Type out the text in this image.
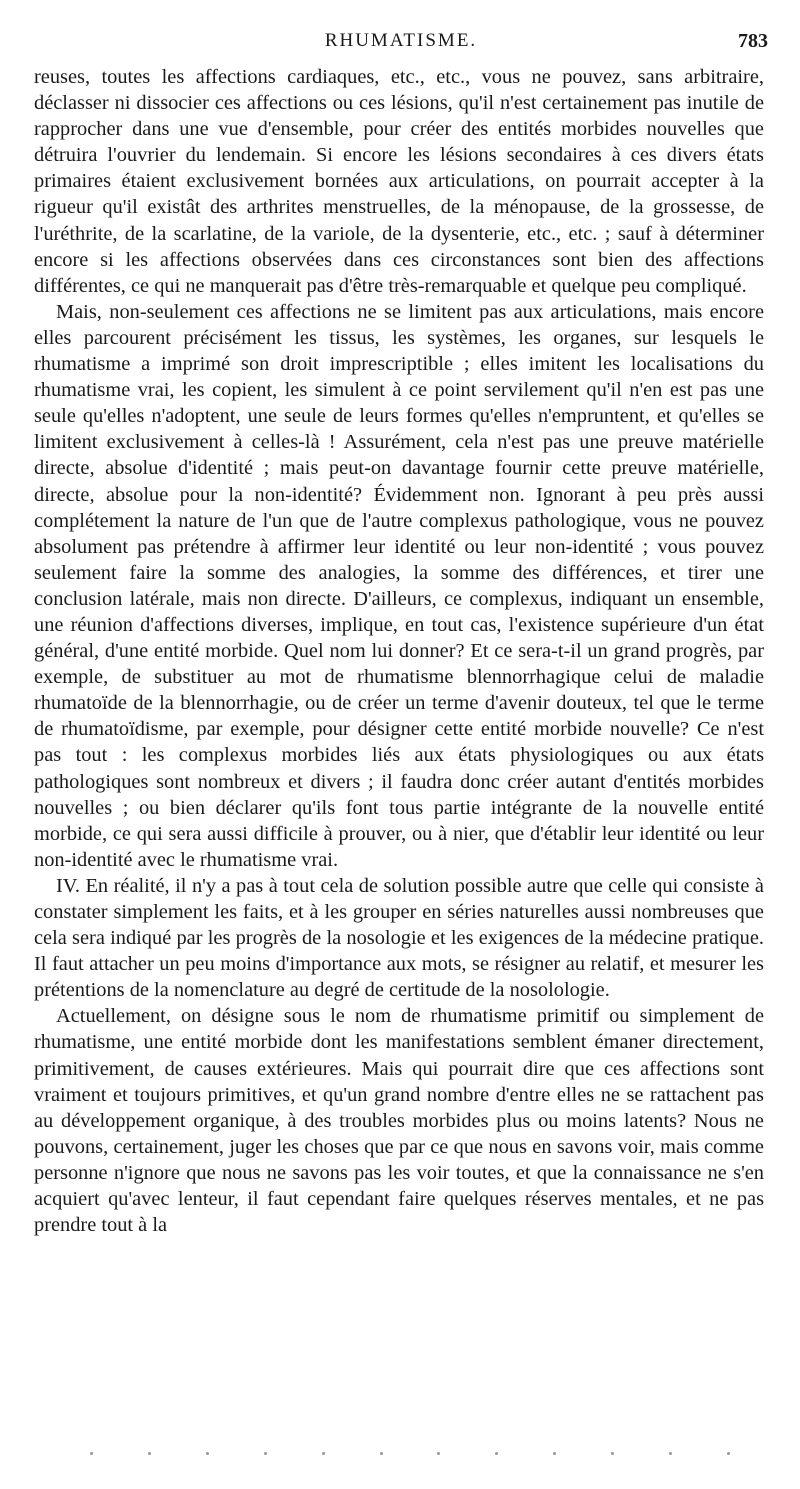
RHUMATISME.	783

reuses, toutes les affections cardiaques, etc., etc., vous ne pouvez, sans arbitraire, déclasser ni dissocier ces affections ou ces lésions, qu'il n'est certainement pas inutile de rapprocher dans une vue d'ensemble, pour créer des entités morbides nouvelles que détruira l'ouvrier du lendemain. Si encore les lésions secondaires à ces divers états primaires étaient exclusivement bornées aux articulations, on pourrait accepter à la rigueur qu'il existât des arthrites menstruelles, de la ménopause, de la grossesse, de l'uréthrite, de la scarlatine, de la variole, de la dysenterie, etc., etc. ; sauf à déterminer encore si les affections observées dans ces circonstances sont bien des affections différentes, ce qui ne manquerait pas d'être très-remarquable et quelque peu compliqué.

Mais, non-seulement ces affections ne se limitent pas aux articulations, mais encore elles parcourent précisément les tissus, les systèmes, les organes, sur lesquels le rhumatisme a imprimé son droit imprescriptible ; elles imitent les localisations du rhumatisme vrai, les copient, les simulent à ce point servilement qu'il n'en est pas une seule qu'elles n'adoptent, une seule de leurs formes qu'elles n'empruntent, et qu'elles se limitent exclusivement à celles-là ! Assurément, cela n'est pas une preuve matérielle directe, absolue d'identité ; mais peut-on davantage fournir cette preuve matérielle, directe, absolue pour la non-identité? Évidemment non. Ignorant à peu près aussi complétement la nature de l'un que de l'autre complexus pathologique, vous ne pouvez absolument pas prétendre à affirmer leur identité ou leur non-identité ; vous pouvez seulement faire la somme des analogies, la somme des différences, et tirer une conclusion latérale, mais non directe. D'ailleurs, ce complexus, indiquant un ensemble, une réunion d'affections diverses, implique, en tout cas, l'existence supérieure d'un état général, d'une entité morbide. Quel nom lui donner? Et ce sera-t-il un grand progrès, par exemple, de substituer au mot de rhumatisme blennorrhagique celui de maladie rhumatoïde de la blennorrhagie, ou de créer un terme d'avenir douteux, tel que le terme de rhumatoïdisme, par exemple, pour désigner cette entité morbide nouvelle? Ce n'est pas tout : les complexus morbides liés aux états physiologiques ou aux états pathologiques sont nombreux et divers ; il faudra donc créer autant d'entités morbides nouvelles ; ou bien déclarer qu'ils font tous partie intégrante de la nouvelle entité morbide, ce qui sera aussi difficile à prouver, ou à nier, que d'établir leur identité ou leur non-identité avec le rhumatisme vrai.

IV. En réalité, il n'y a pas à tout cela de solution possible autre que celle qui consiste à constater simplement les faits, et à les grouper en séries naturelles aussi nombreuses que cela sera indiqué par les progrès de la nosologie et les exigences de la médecine pratique. Il faut attacher un peu moins d'importance aux mots, se résigner au relatif, et mesurer les prétentions de la nomenclature au degré de certitude de la nosolologie.

Actuellement, on désigne sous le nom de rhumatisme primitif ou simplement de rhumatisme, une entité morbide dont les manifestations semblent émaner directement, primitivement, de causes extérieures. Mais qui pourrait dire que ces affections sont vraiment et toujours primitives, et qu'un grand nombre d'entre elles ne se rattachent pas au développement organique, à des troubles morbides plus ou moins latents? Nous ne pouvons, certainement, juger les choses que par ce que nous en savons voir, mais comme personne n'ignore que nous ne savons pas les voir toutes, et que la connaissance ne s'en acquiert qu'avec lenteur, il faut cependant faire quelques réserves mentales, et ne pas prendre tout à la
